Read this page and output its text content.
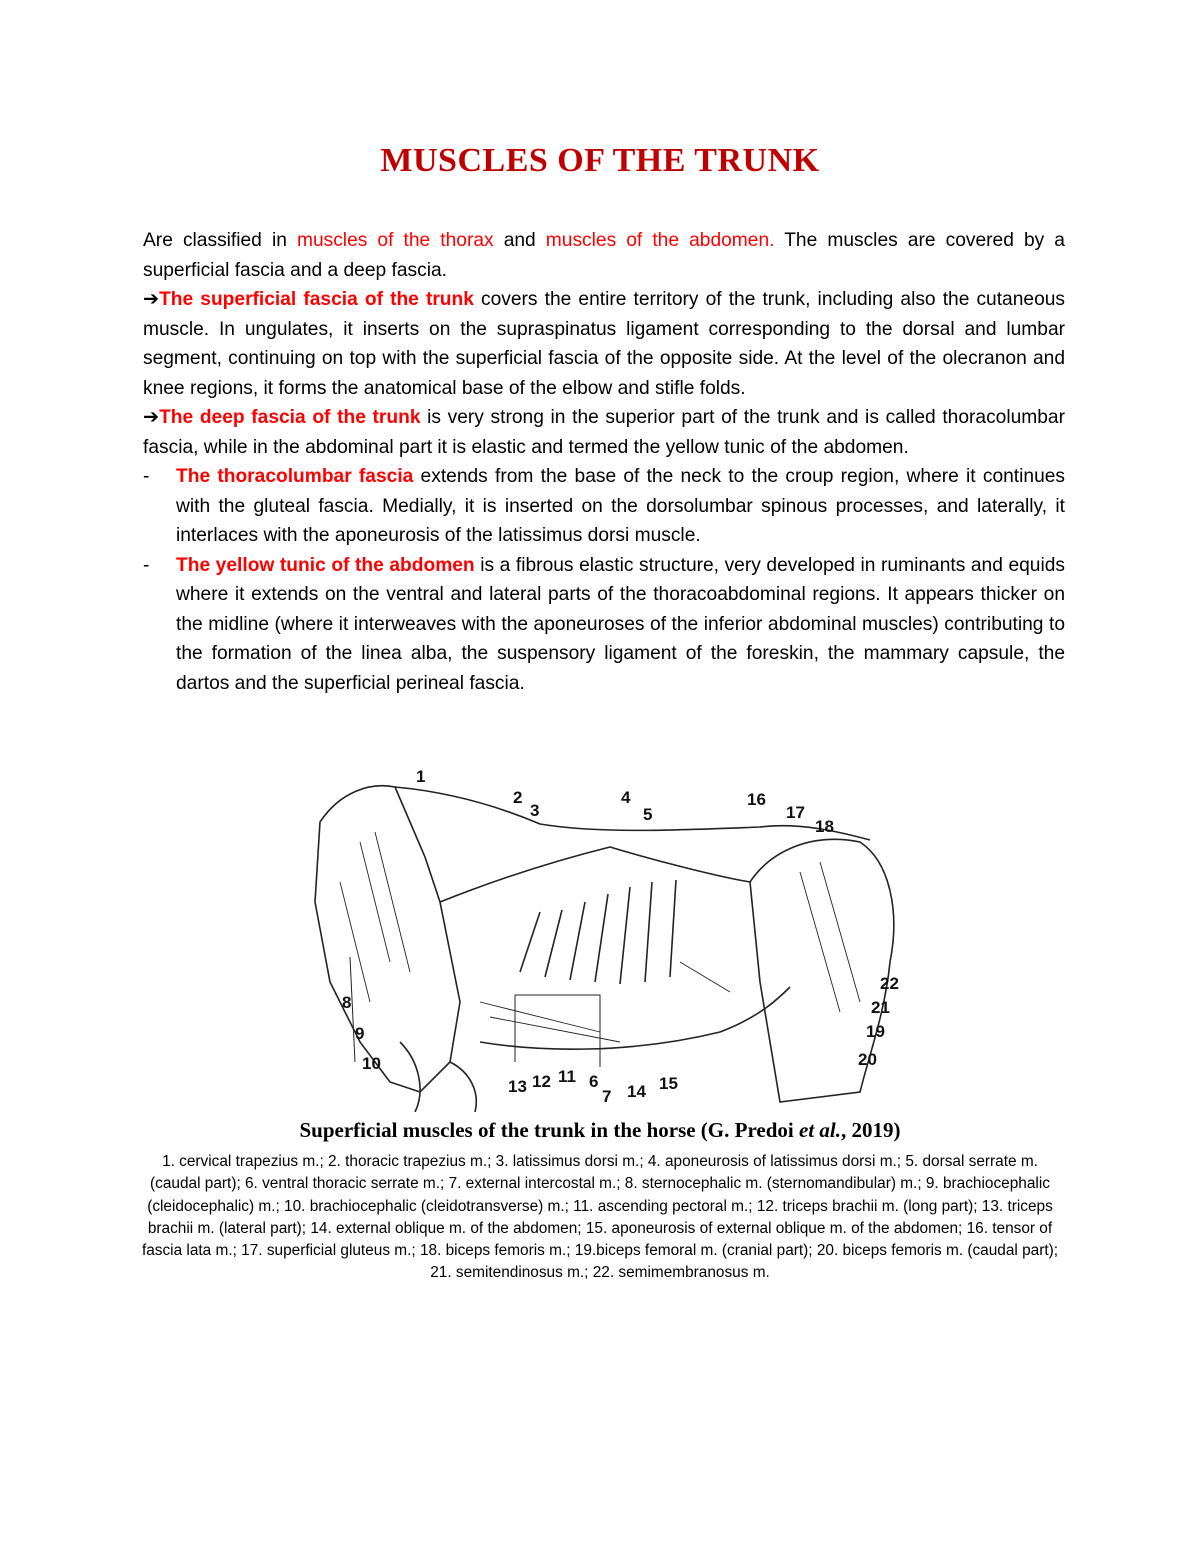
MUSCLES OF THE TRUNK

Are classified in muscles of the thorax and muscles of the abdomen. The muscles are covered by a superficial fascia and a deep fascia.

➔The superficial fascia of the trunk covers the entire territory of the trunk, including also the cutaneous muscle. In ungulates, it inserts on the supraspinatus ligament corresponding to the dorsal and lumbar segment, continuing on top with the superficial fascia of the opposite side. At the level of the olecranon and knee regions, it forms the anatomical base of the elbow and stifle folds.

➔The deep fascia of the trunk is very strong in the superior part of the trunk and is called thoracolumbar fascia, while in the abdominal part it is elastic and termed the yellow tunic of the abdomen.

- The thoracolumbar fascia extends from the base of the neck to the croup region, where it continues with the gluteal fascia. Medially, it is inserted on the dorsolumbar spinous processes, and laterally, it interlaces with the aponeurosis of the latissimus dorsi muscle.

- The yellow tunic of the abdomen is a fibrous elastic structure, very developed in ruminants and equids where it extends on the ventral and lateral parts of the thoracoabdominal regions. It appears thicker on the midline (where it interweaves with the aponeuroses of the inferior abdominal muscles) contributing to the formation of the linea alba, the suspensory ligament of the foreskin, the mammary capsule, the dartos and the superficial perineal fascia.

1
2
3
4
5
16
17
18
8
9
10
13 12 11 6
7 14 15
22
21
19
20
Superficial muscles of the trunk in the horse (G. Predoi et al., 2019)
1. cervical trapezius m.; 2. thoracic trapezius m.; 3. latissimus dorsi m.; 4. aponeurosis of latissimus dorsi m.; 5. dorsal serrate m. (caudal part); 6. ventral thoracic serrate m.; 7. external intercostal m.; 8. sternocephalic m. (sternomandibular) m.; 9. brachiocephalic (cleidocephalic) m.; 10. brachiocephalic (cleidotransverse) m.; 11. ascending pectoral m.; 12. triceps brachii m. (long part); 13. triceps brachii m. (lateral part); 14. external oblique m. of the abdomen; 15. aponeurosis of external oblique m. of the abdomen; 16. tensor of fascia lata m.; 17. superficial gluteus m.; 18. biceps femoris m.; 19.biceps femoral m. (cranial part); 20. biceps femoris m. (caudal part); 21. semitendinosus m.; 22. semimembranosus m.
